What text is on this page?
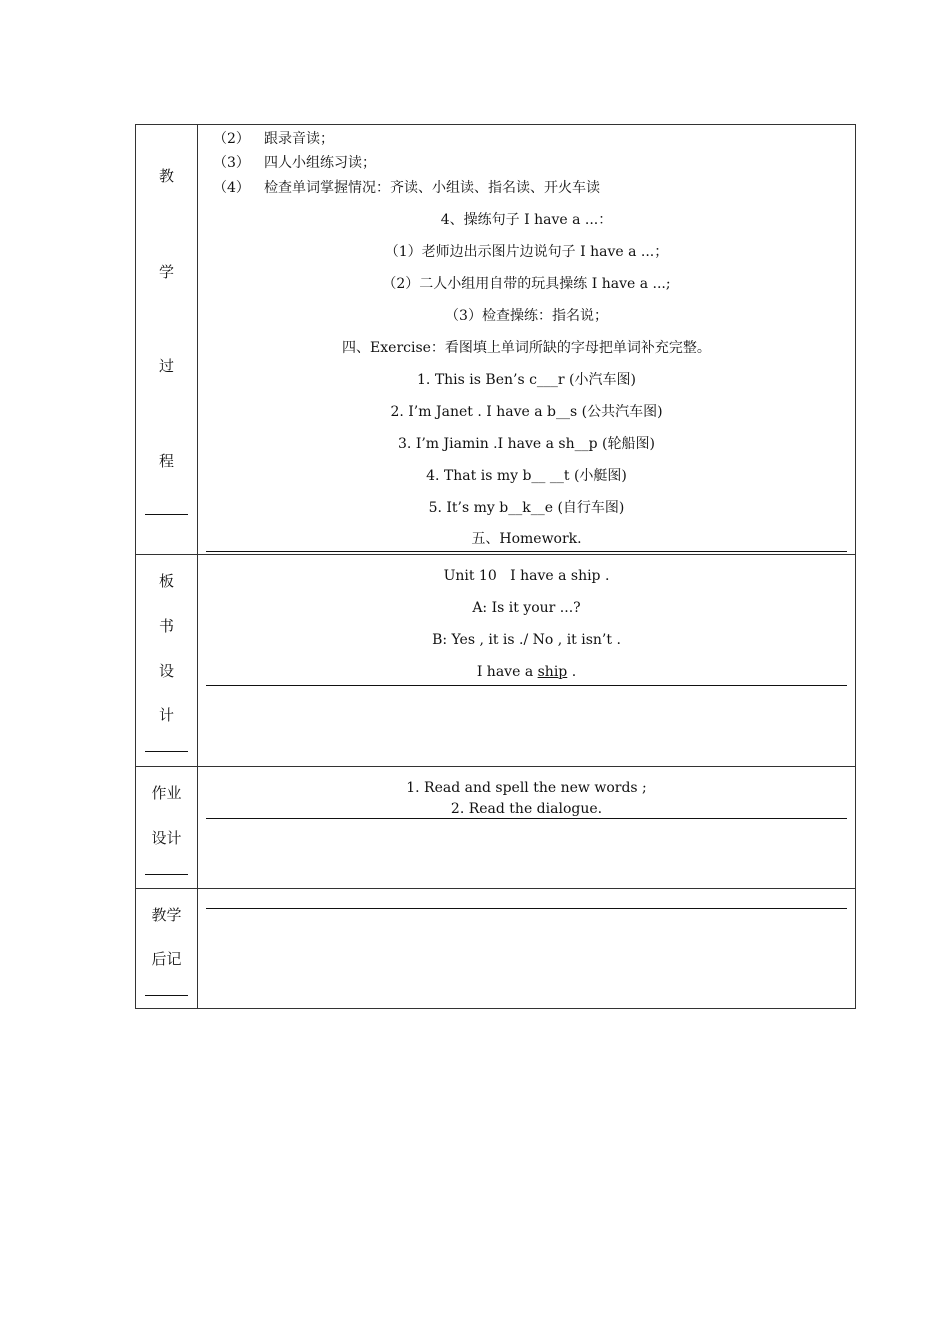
教
学
过
程
（2） 跟录音读；
（3） 四人小组练习读；
（4） 检查单词掌握情况：齐读、小组读、指名读、开火车读
4、操练句子 I have a ...：
（1）老师边出示图片边说句子 I have a ...；
（2）二人小组用自带的玩具操练 I have a ...;
（3）检查操练：指名说；
四、Exercise：看图填上单词所缺的字母把单词补充完整。
1. This is Ben’s c___r (小汽车图)
2. I’m Janet . I have a b__s (公共汽车图)
3. I’m Jiamin .I have a sh__p (轮船图)
4. That is my b__ __t (小艇图)
5. It’s my b__k__e (自行车图)
五、Homework.
板
书
设
计
Unit 10   I have a ship .
A: Is it your ...?
B: Yes , it is ./ No , it isn’t .
I have a ship .
作业
设计
1. Read and spell the new words ;
2. Read the dialogue.
教学
后记
